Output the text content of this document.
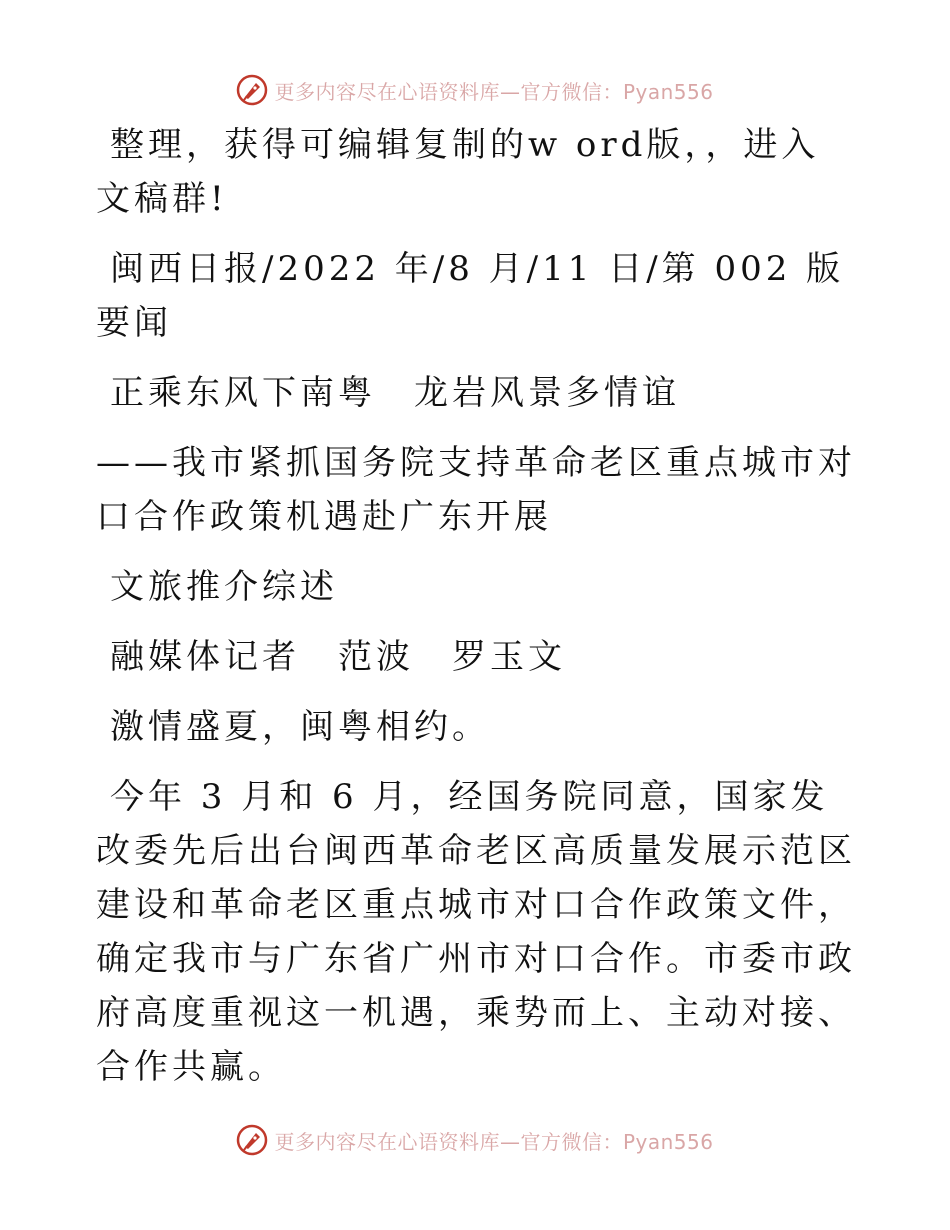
更多内容尽在心语资料库—官方微信：Pyan556

整理，获得可编辑复制的w ord版，，进入文稿群!

闽西日报/2022 年/8 月/11 日/第 002 版要闻

正乘东风下南粤　龙岩风景多情谊

——我市紧抓国务院支持革命老区重点城市对口合作政策机遇赴广东开展

文旅推介综述

融媒体记者　范波　罗玉文

激情盛夏，闽粤相约。

今年 3 月和 6 月，经国务院同意，国家发改委先后出台闽西革命老区高质量发展示范区建设和革命老区重点城市对口合作政策文件，确定我市与广东省广州市对口合作。市委市政府高度重视这一机遇，乘势而上、主动对接、合作共赢。

更多内容尽在心语资料库—官方微信：Pyan556
